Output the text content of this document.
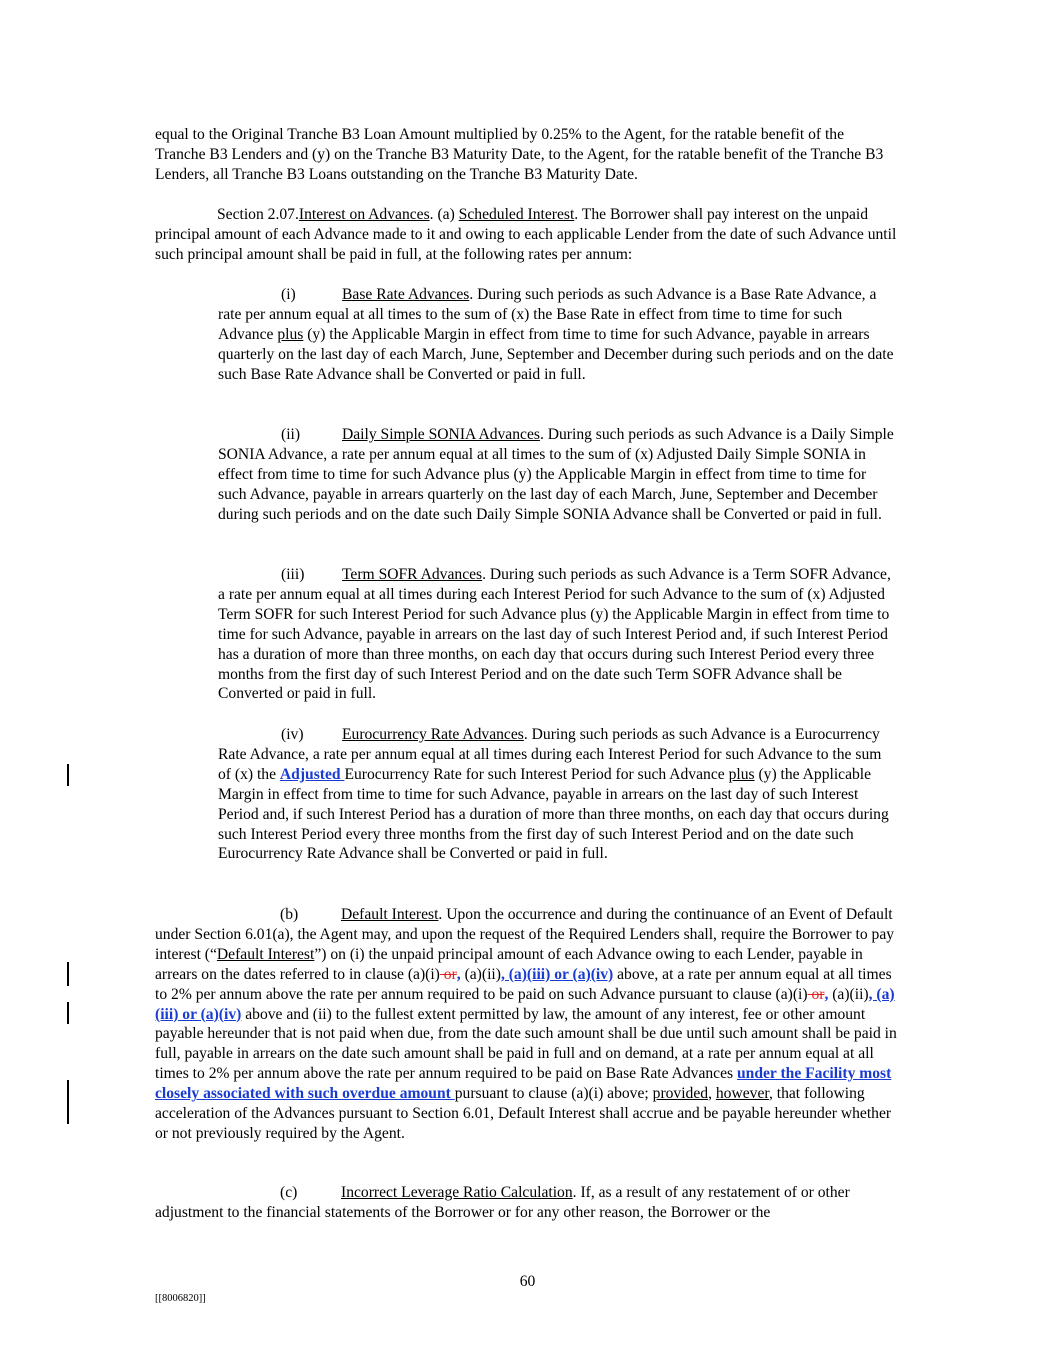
equal to the Original Tranche B3 Loan Amount multiplied by 0.25% to the Agent, for the ratable benefit of the Tranche B3 Lenders and (y) on the Tranche B3 Maturity Date, to the Agent, for the ratable benefit of the Tranche B3 Lenders, all Tranche B3 Loans outstanding on the Tranche B3 Maturity Date.

Section 2.07.Interest on Advances. (a) Scheduled Interest. The Borrower shall pay interest on the unpaid principal amount of each Advance made to it and owing to each applicable Lender from the date of such Advance until such principal amount shall be paid in full, at the following rates per annum:

(i)	Base Rate Advances. During such periods as such Advance is a Base Rate Advance, a rate per annum equal at all times to the sum of (x) the Base Rate in effect from time to time for such Advance plus (y) the Applicable Margin in effect from time to time for such Advance, payable in arrears quarterly on the last day of each March, June, September and December during such periods and on the date such Base Rate Advance shall be Converted or paid in full.

(ii)	Daily Simple SONIA Advances. During such periods as such Advance is a Daily Simple SONIA Advance, a rate per annum equal at all times to the sum of (x) Adjusted Daily Simple SONIA in effect from time to time for such Advance plus (y) the Applicable Margin in effect from time to time for such Advance, payable in arrears quarterly on the last day of each March, June, September and December during such periods and on the date such Daily Simple SONIA Advance shall be Converted or paid in full.

(iii) Term SOFR Advances. During such periods as such Advance is a Term SOFR Advance, a rate per annum equal at all times during each Interest Period for such Advance to the sum of (x) Adjusted Term SOFR for such Interest Period for such Advance plus (y) the Applicable Margin in effect from time to time for such Advance, payable in arrears on the last day of such Interest Period and, if such Interest Period has a duration of more than three months, on each day that occurs during such Interest Period every three months from the first day of such Interest Period and on the date such Term SOFR Advance shall be Converted or paid in full.

(iv) Eurocurrency Rate Advances. During such periods as such Advance is a Eurocurrency Rate Advance, a rate per annum equal at all times during each Interest Period for such Advance to the sum of (x) the Adjusted Eurocurrency Rate for such Interest Period for such Advance plus (y) the Applicable Margin in effect from time to time for such Advance, payable in arrears on the last day of such Interest Period and, if such Interest Period has a duration of more than three months, on each day that occurs during such Interest Period every three months from the first day of such Interest Period and on the date such Eurocurrency Rate Advance shall be Converted or paid in full.

(b)	Default Interest. Upon the occurrence and during the continuance of an Event of Default under Section 6.01(a), the Agent may, and upon the request of the Required Lenders shall, require the Borrower to pay interest (“Default Interest”) on (i) the unpaid principal amount of each Advance owing to each Lender, payable in arrears on the dates referred to in clause (a)(i) or, (a)(ii), (a)(iii) or (a)(iv) above, at a rate per annum equal at all times to 2% per annum above the rate per annum required to be paid on such Advance pursuant to clause (a)(i) or, (a)(ii), (a)(iii) or (a)(iv) above and (ii) to the fullest extent permitted by law, the amount of any interest, fee or other amount payable hereunder that is not paid when due, from the date such amount shall be due until such amount shall be paid in full, payable in arrears on the date such amount shall be paid in full and on demand, at a rate per annum equal at all times to 2% per annum above the rate per annum required to be paid on Base Rate Advances under the Facility most closely associated with such overdue amount pursuant to clause (a)(i) above; provided, however, that following acceleration of the Advances pursuant to Section 6.01, Default Interest shall accrue and be payable hereunder whether or not previously required by the Agent.

(c)	Incorrect Leverage Ratio Calculation. If, as a result of any restatement of or other adjustment to the financial statements of the Borrower or for any other reason, the Borrower or the

60
[[8006820]]
